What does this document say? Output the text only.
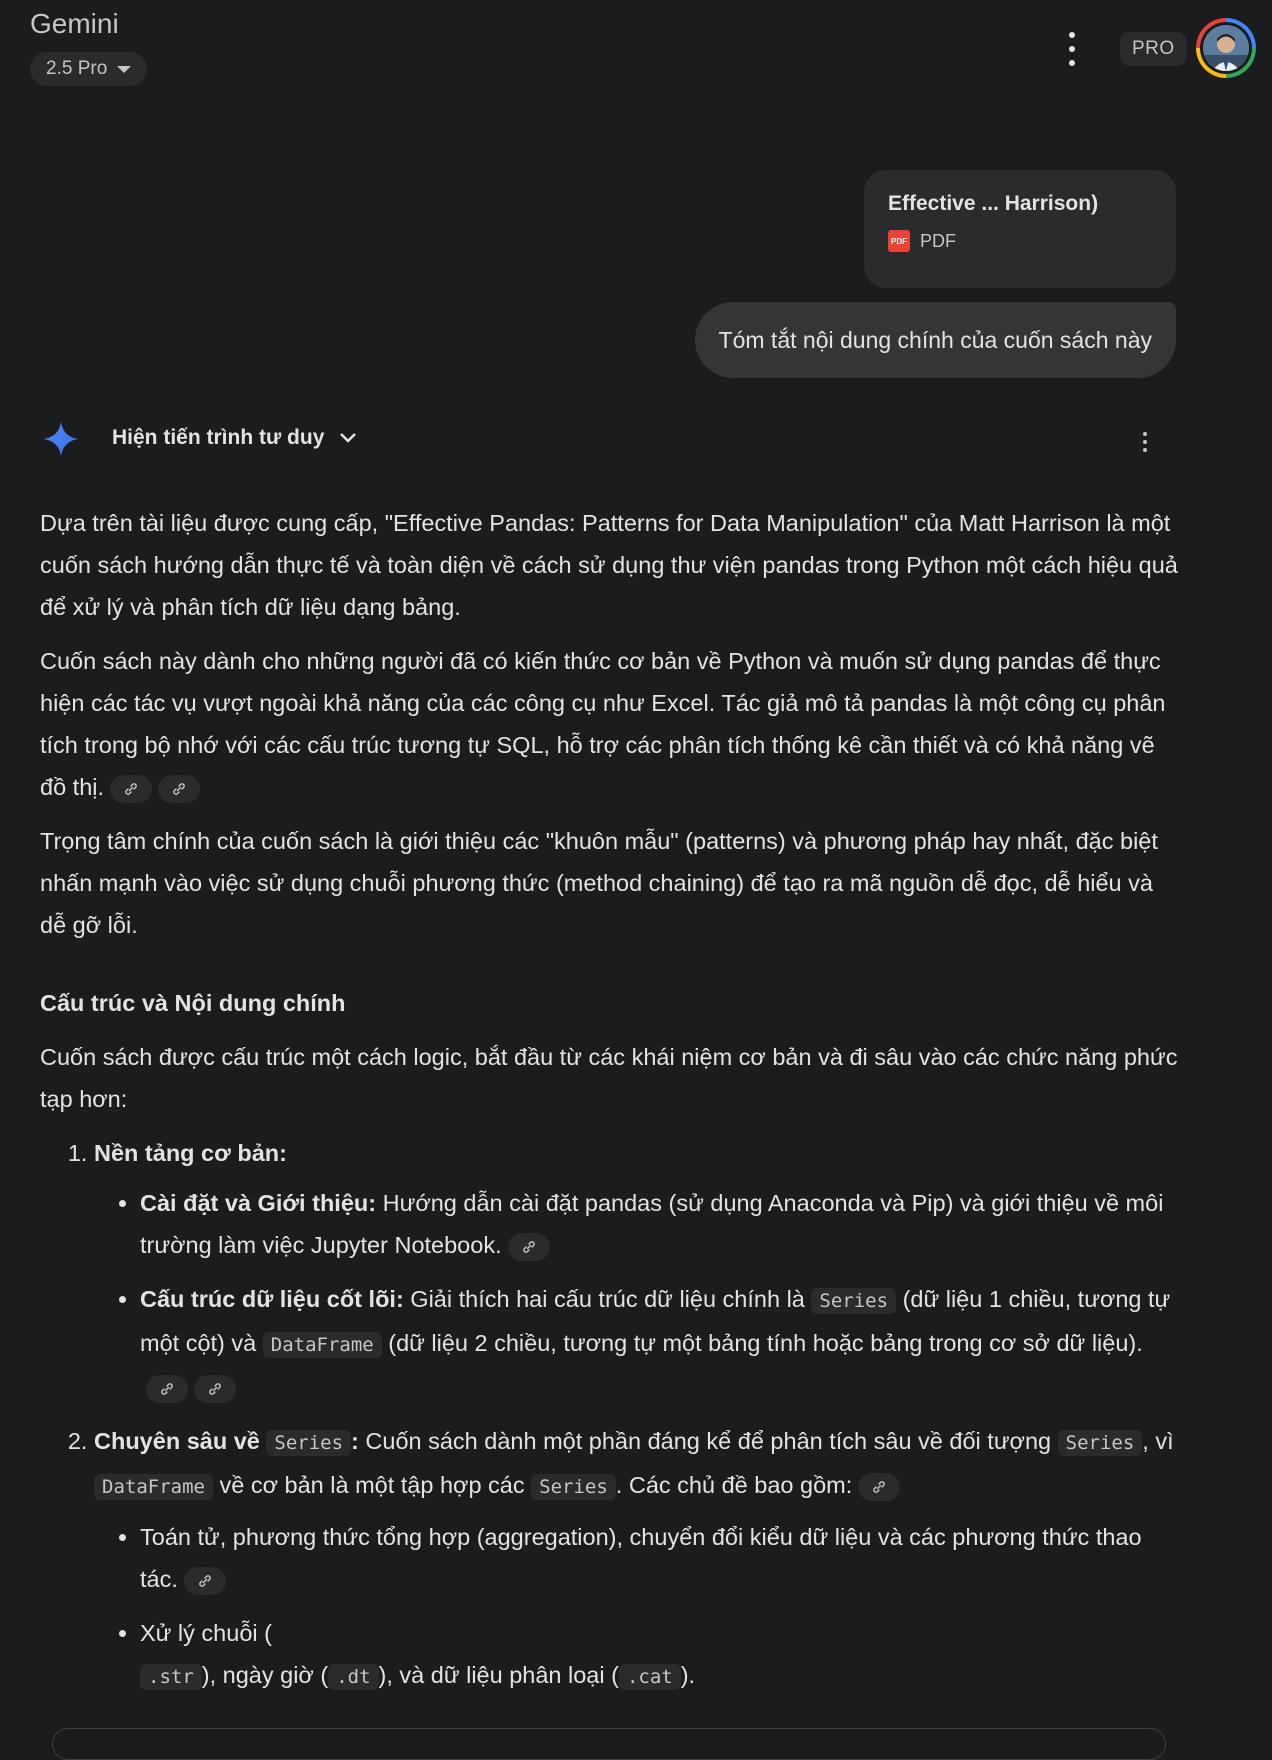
Gemini
2.5 Pro
PRO
Effective ... Harrison)
PDF PDF
Tóm tắt nội dung chính của cuốn sách này
Hiện tiến trình tư duy

Dựa trên tài liệu được cung cấp, "Effective Pandas: Patterns for Data Manipulation" của Matt Harrison là một cuốn sách hướng dẫn thực tế và toàn diện về cách sử dụng thư viện pandas trong Python một cách hiệu quả để xử lý và phân tích dữ liệu dạng bảng.

Cuốn sách này dành cho những người đã có kiến thức cơ bản về Python và muốn sử dụng pandas để thực hiện các tác vụ vượt ngoài khả năng của các công cụ như Excel. Tác giả mô tả pandas là một công cụ phân tích trong bộ nhớ với các cấu trúc tương tự SQL, hỗ trợ các phân tích thống kê cần thiết và có khả năng vẽ đồ thị.

Trọng tâm chính của cuốn sách là giới thiệu các "khuôn mẫu" (patterns) và phương pháp hay nhất, đặc biệt nhấn mạnh vào việc sử dụng chuỗi phương thức (method chaining) để tạo ra mã nguồn dễ đọc, dễ hiểu và dễ gỡ lỗi.

Cấu trúc và Nội dung chính

Cuốn sách được cấu trúc một cách logic, bắt đầu từ các khái niệm cơ bản và đi sâu vào các chức năng phức tạp hơn:

1. Nền tảng cơ bản:
• Cài đặt và Giới thiệu: Hướng dẫn cài đặt pandas (sử dụng Anaconda và Pip) và giới thiệu về môi trường làm việc Jupyter Notebook.
• Cấu trúc dữ liệu cốt lõi: Giải thích hai cấu trúc dữ liệu chính là Series (dữ liệu 1 chiều, tương tự một cột) và DataFrame (dữ liệu 2 chiều, tương tự một bảng tính hoặc bảng trong cơ sở dữ liệu).
2. Chuyên sâu về Series : Cuốn sách dành một phần đáng kể để phân tích sâu về đối tượng Series , vì DataFrame về cơ bản là một tập hợp các Series . Các chủ đề bao gồm:
• Toán tử, phương thức tổng hợp (aggregation), chuyển đổi kiểu dữ liệu và các phương thức thao tác.
• Xử lý chuỗi (
.str ), ngày giờ ( .dt ), và dữ liệu phân loại ( .cat ).
